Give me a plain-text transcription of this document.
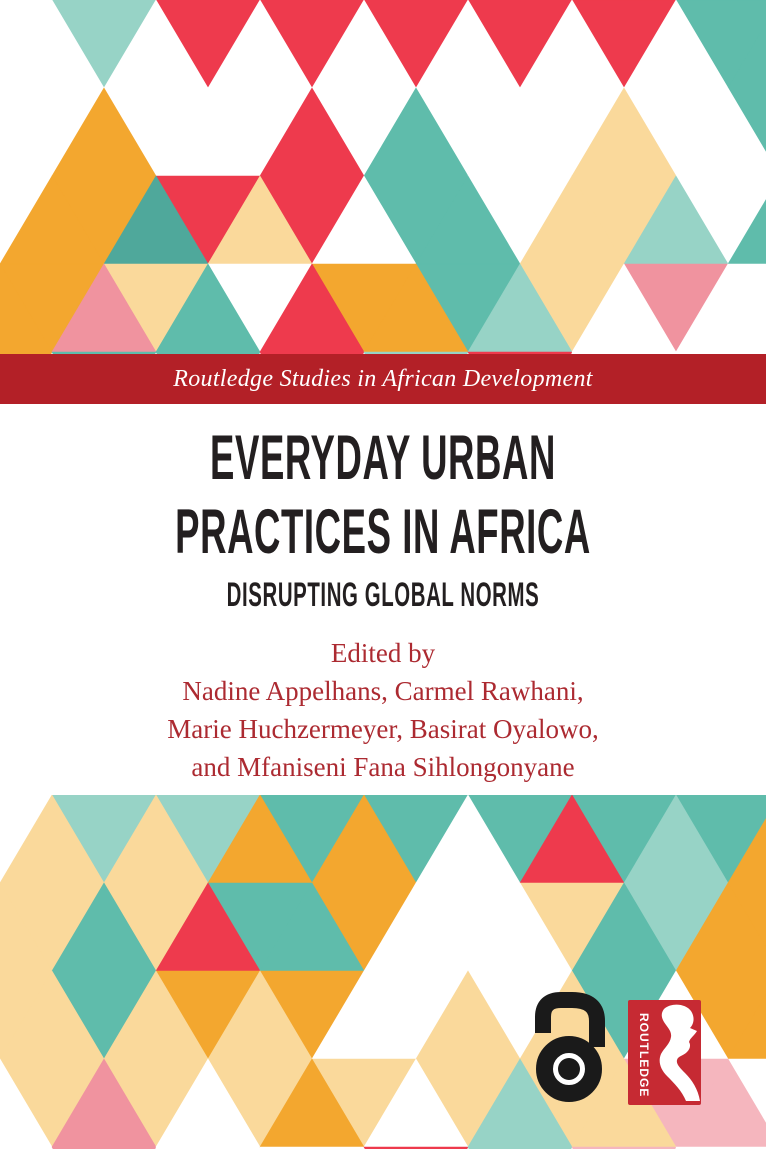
Routledge Studies in African Development
EVERYDAY URBAN
PRACTICES IN AFRICA
DISRUPTING GLOBAL NORMS
Edited by
Nadine Appelhans, Carmel Rawhani,
Marie Huchzermeyer, Basirat Oyalowo,
and Mfaniseni Fana Sihlongonyane
ROUTLEDGE
